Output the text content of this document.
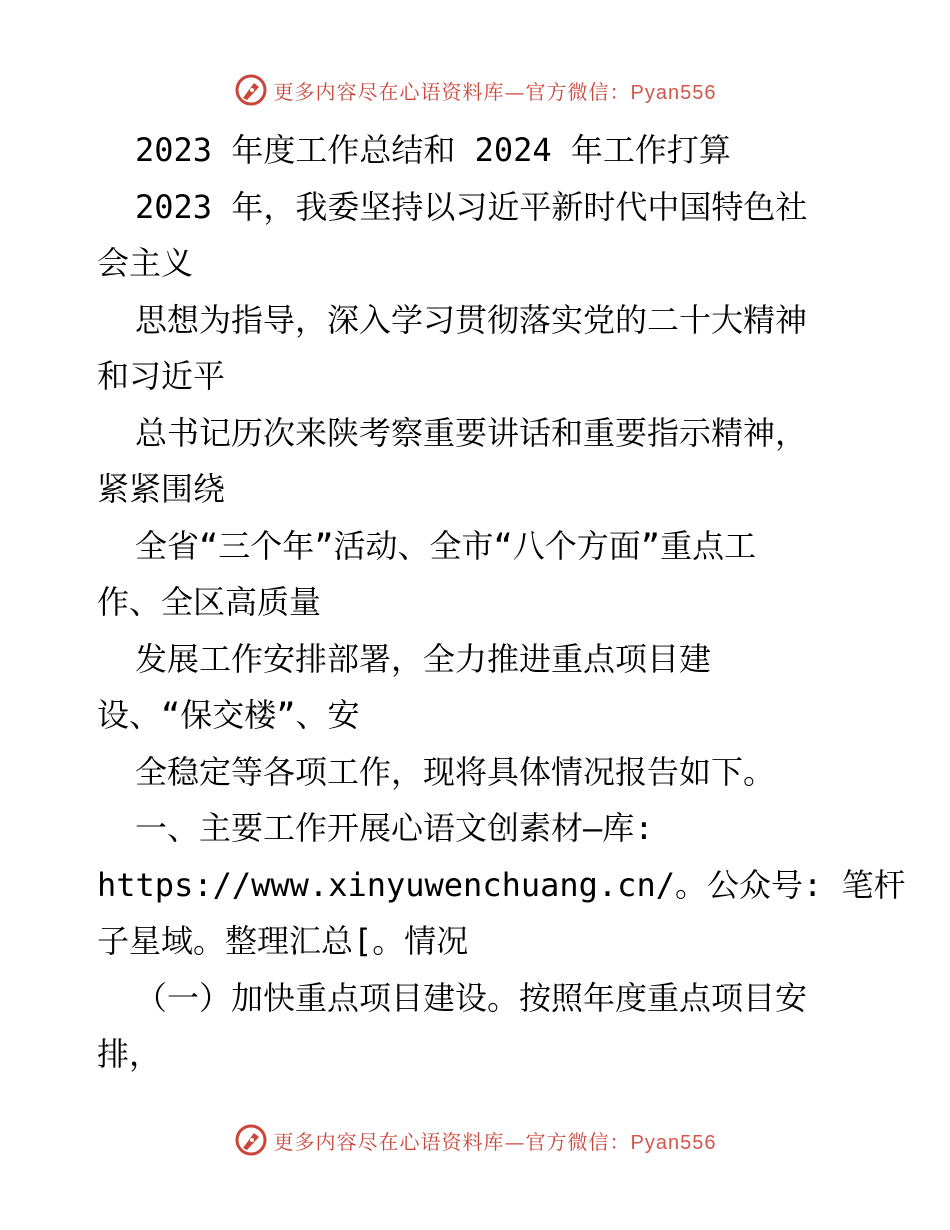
更多内容尽在心语资料库—官方微信：Pyan556
2023 年度工作总结和 2024 年工作打算
2023 年，我委坚持以习近平新时代中国特色社
会主义
思想为指导，深入学习贯彻落实党的二十大精神
和习近平
总书记历次来陕考察重要讲话和重要指示精神，
紧紧围绕
全省“三个年”活动、全市“八个方面”重点工
作、全区高质量
发展工作安排部署，全力推进重点项目建
设、“保交楼”、安
全稳定等各项工作，现将具体情况报告如下。
一、主要工作开展心语文创素材—库:
https://www.xinyuwenchuang.cn/。公众号: 笔杆
子星域。整理汇总[。情况
（一）加快重点项目建设。按照年度重点项目安
排，
更多内容尽在心语资料库—官方微信：Pyan556
